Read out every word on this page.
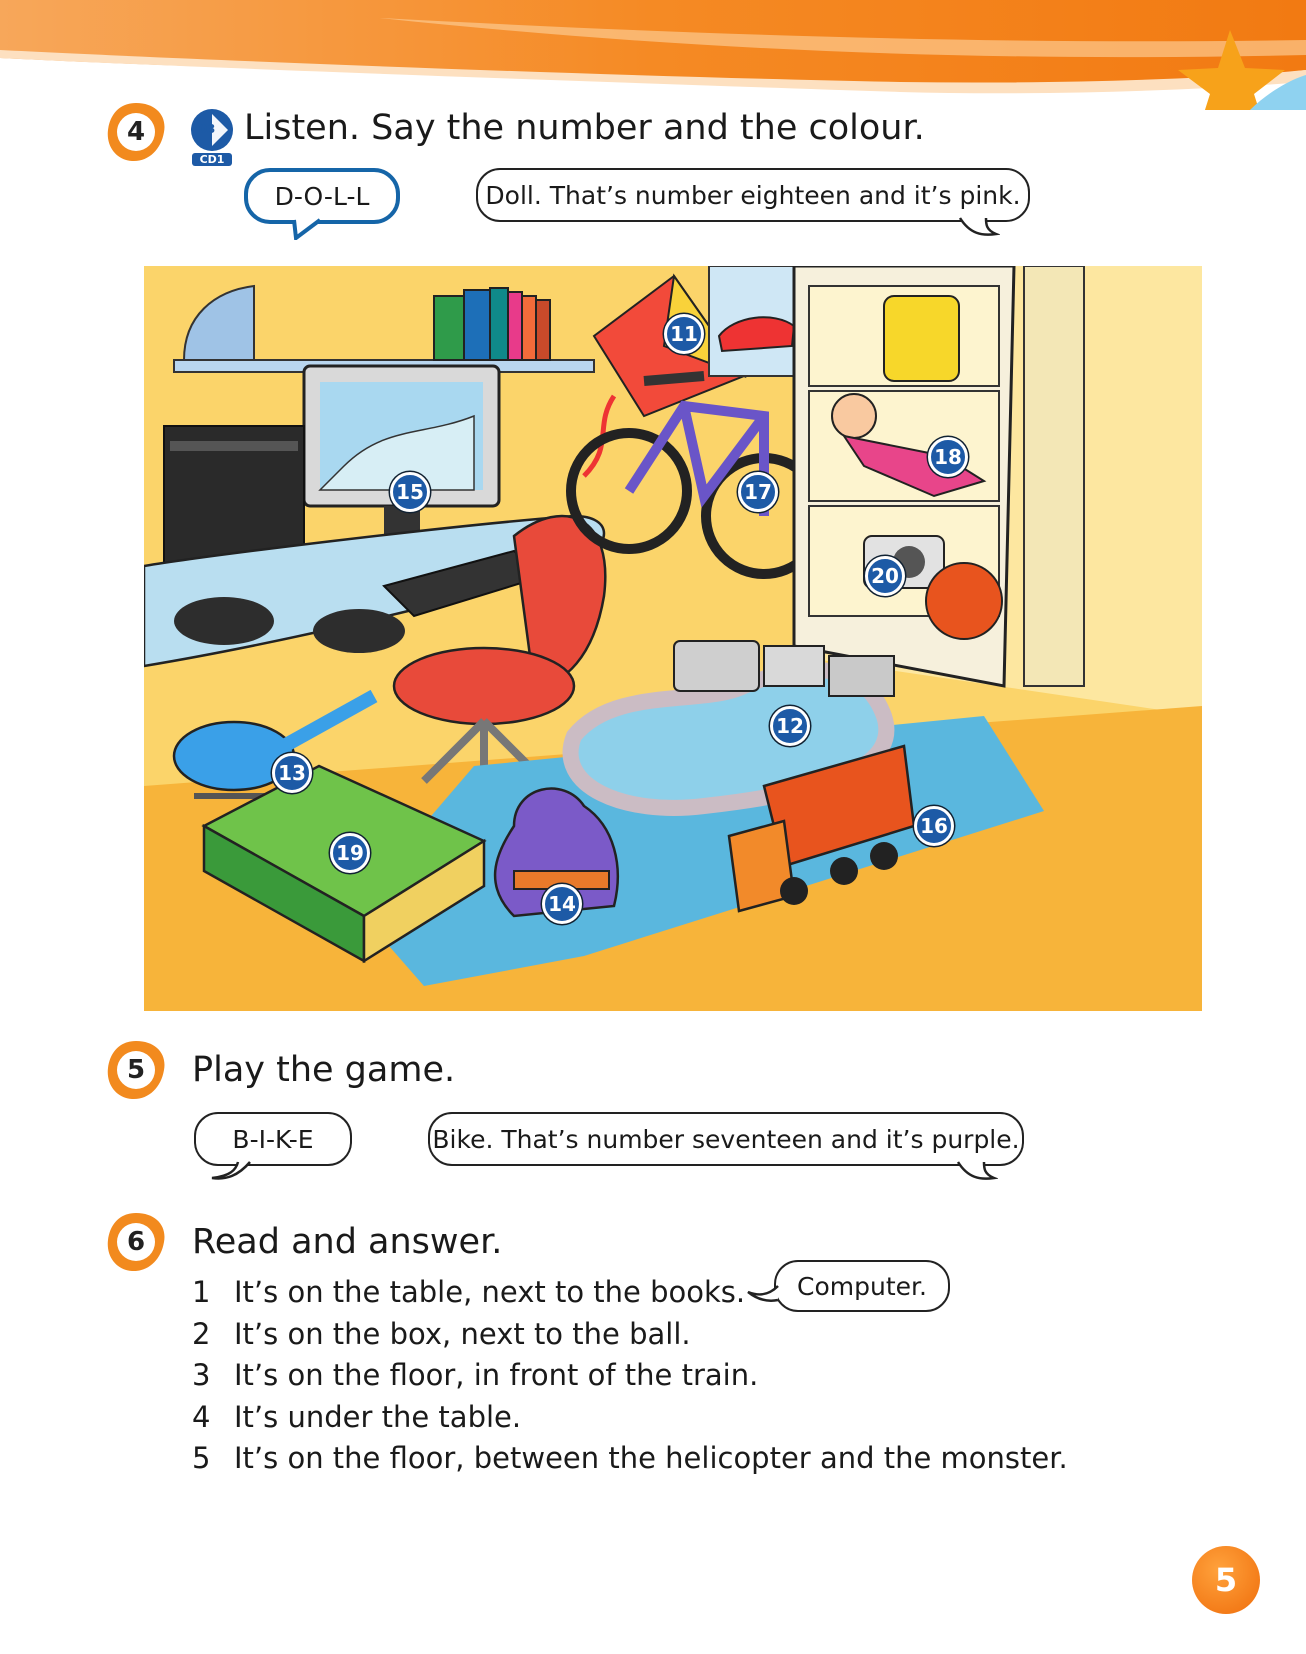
4	03
CD1
Listen. Say the number and the colour.
D-O-L-L	Doll. That’s number eighteen and it’s pink.
11
12
13
14
15
16
17
18
19
20
5	Play the game.
B-I-K-E	Bike. That’s number seventeen and it’s purple.
6	Read and answer.
Computer.
1 It’s on the table, next to the books.
2 It’s on the box, next to the ball.
3 It’s on the floor, in front of the train.
4 It’s under the table.
5 It’s on the floor, between the helicopter and the monster.
5
